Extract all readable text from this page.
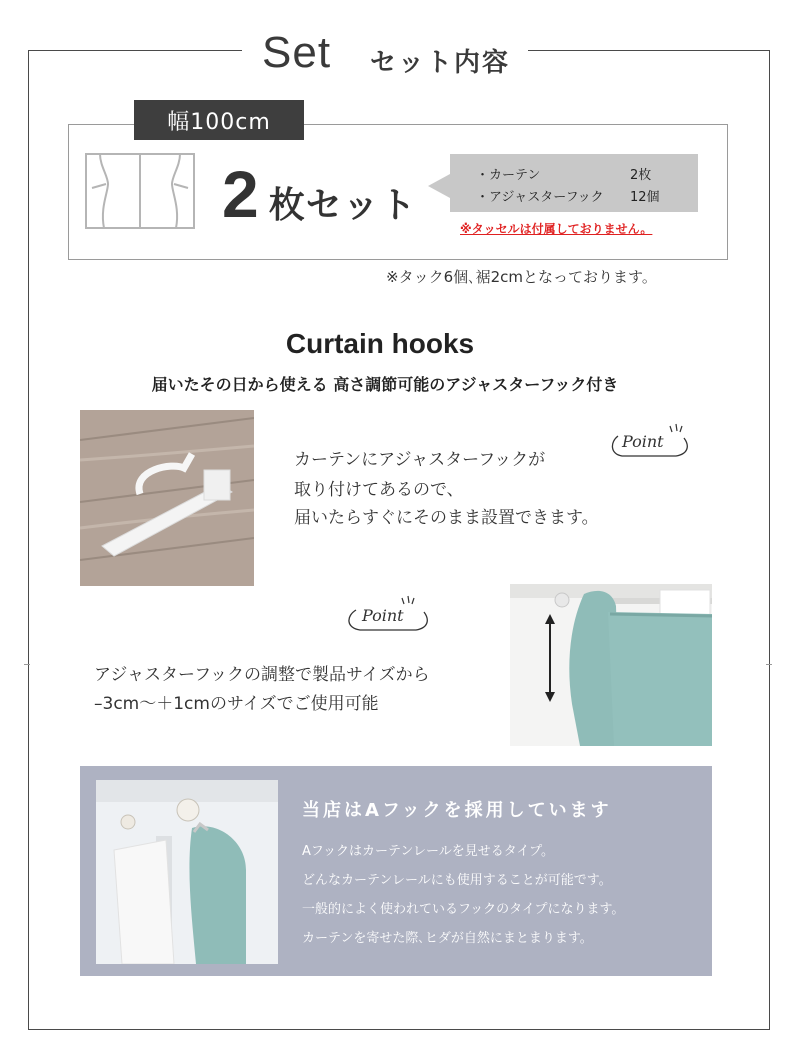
Set セット内容
幅100cm
2 枚セット
・カーテン	2枚
・アジャスターフック 12個
※タッセルは付属しておりません。
※タック6個､裾2cmとなっております。
Curtain hooks
届いたその日から使える 高さ調節可能のアジャスターフック付き
カーテンにアジャスターフックが
取り付けてあるので、
届いたらすぐにそのまま設置できます。
Point
Point
アジャスターフックの調整で製品サイズから
–3cm〜＋1cmのサイズでご使用可能
当店はAフックを採用しています
Aフックはカーテンレールを見せるタイプ。
どんなカーテンレールにも使用することが可能です。
一般的によく使われているフックのタイプになります。
カーテンを寄せた際､ヒダが自然にまとまります。
